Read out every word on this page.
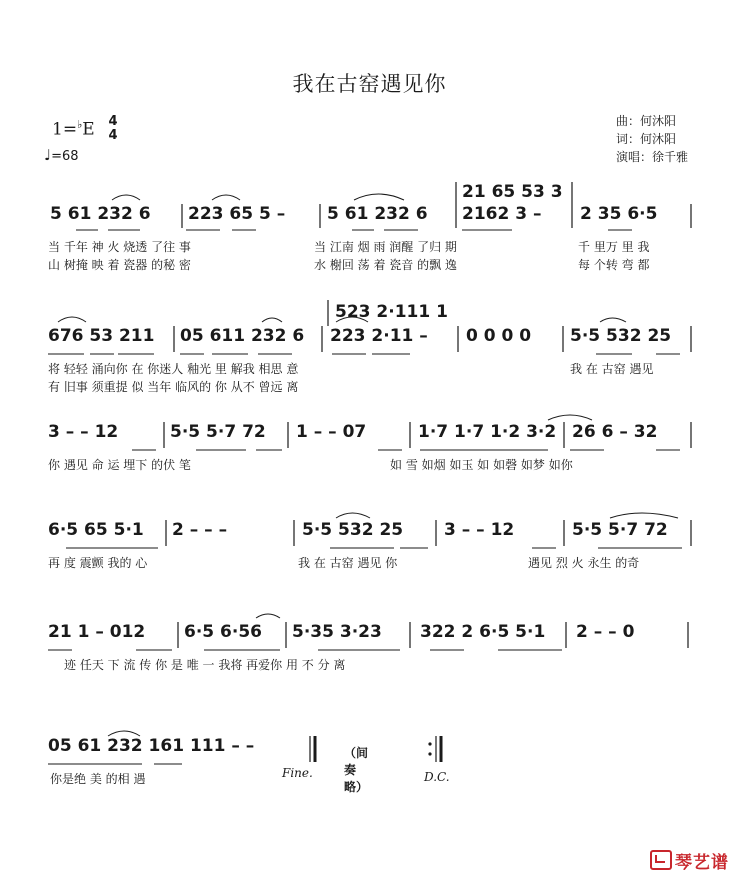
我在古窑遇见你
曲：何沐阳
词：何沐阳
演唱：徐千雅
1=♭E 4
4
♩=68
21 65 53 3
5 61 232 6 223 65 5 – 5 61 232 6 2162 3 – 2 35 6·5
当 千年 神 火 烧透 了往 事	当 江南 烟 雨 润醒 了归 期	千 里万 里 我
山 树掩 映 着 瓷器 的秘 密	水 榭回 荡 着 瓷音 的飘 逸	每 个转 弯 都
523 2·111 1
676 53 211 05 611 232 6 223 2·11 – 0 0 0 0 5·5 532 25
将 轻轻 涌向你 在 你迷人 釉光 里 解我 相思 意	我 在 古窑 遇见
有 旧事 须重提 似 当年 临风的 你 从不 曾远 离
3 – – 12	5·5 5·7 72 1 – – 07	1·7 1·7 1·2 3·2 26 6 – 32
你 遇见 命 运 埋下 的伏 笔	如 雪 如烟 如玉 如 如磬 如梦 如你
6·5 65 5·1 2 – – –	5·5 532 25 3 – – 12	5·5 5·7 72
再 度 震颤 我的 心	我 在 古窑 遇见 你	遇见 烈 火 永生 的奇
21 1 – 012 6·5 6·56 5·35 3·23 322 2 6·5 5·1 2 – – 0
迹 任天 下 流 传 你 是 唯 一 我将 再爱你 用 不 分 离
05 61 232 161 111 – –
你是绝 美 的相 遇
（间奏略）
Fine.	D.C.
琴艺谱
